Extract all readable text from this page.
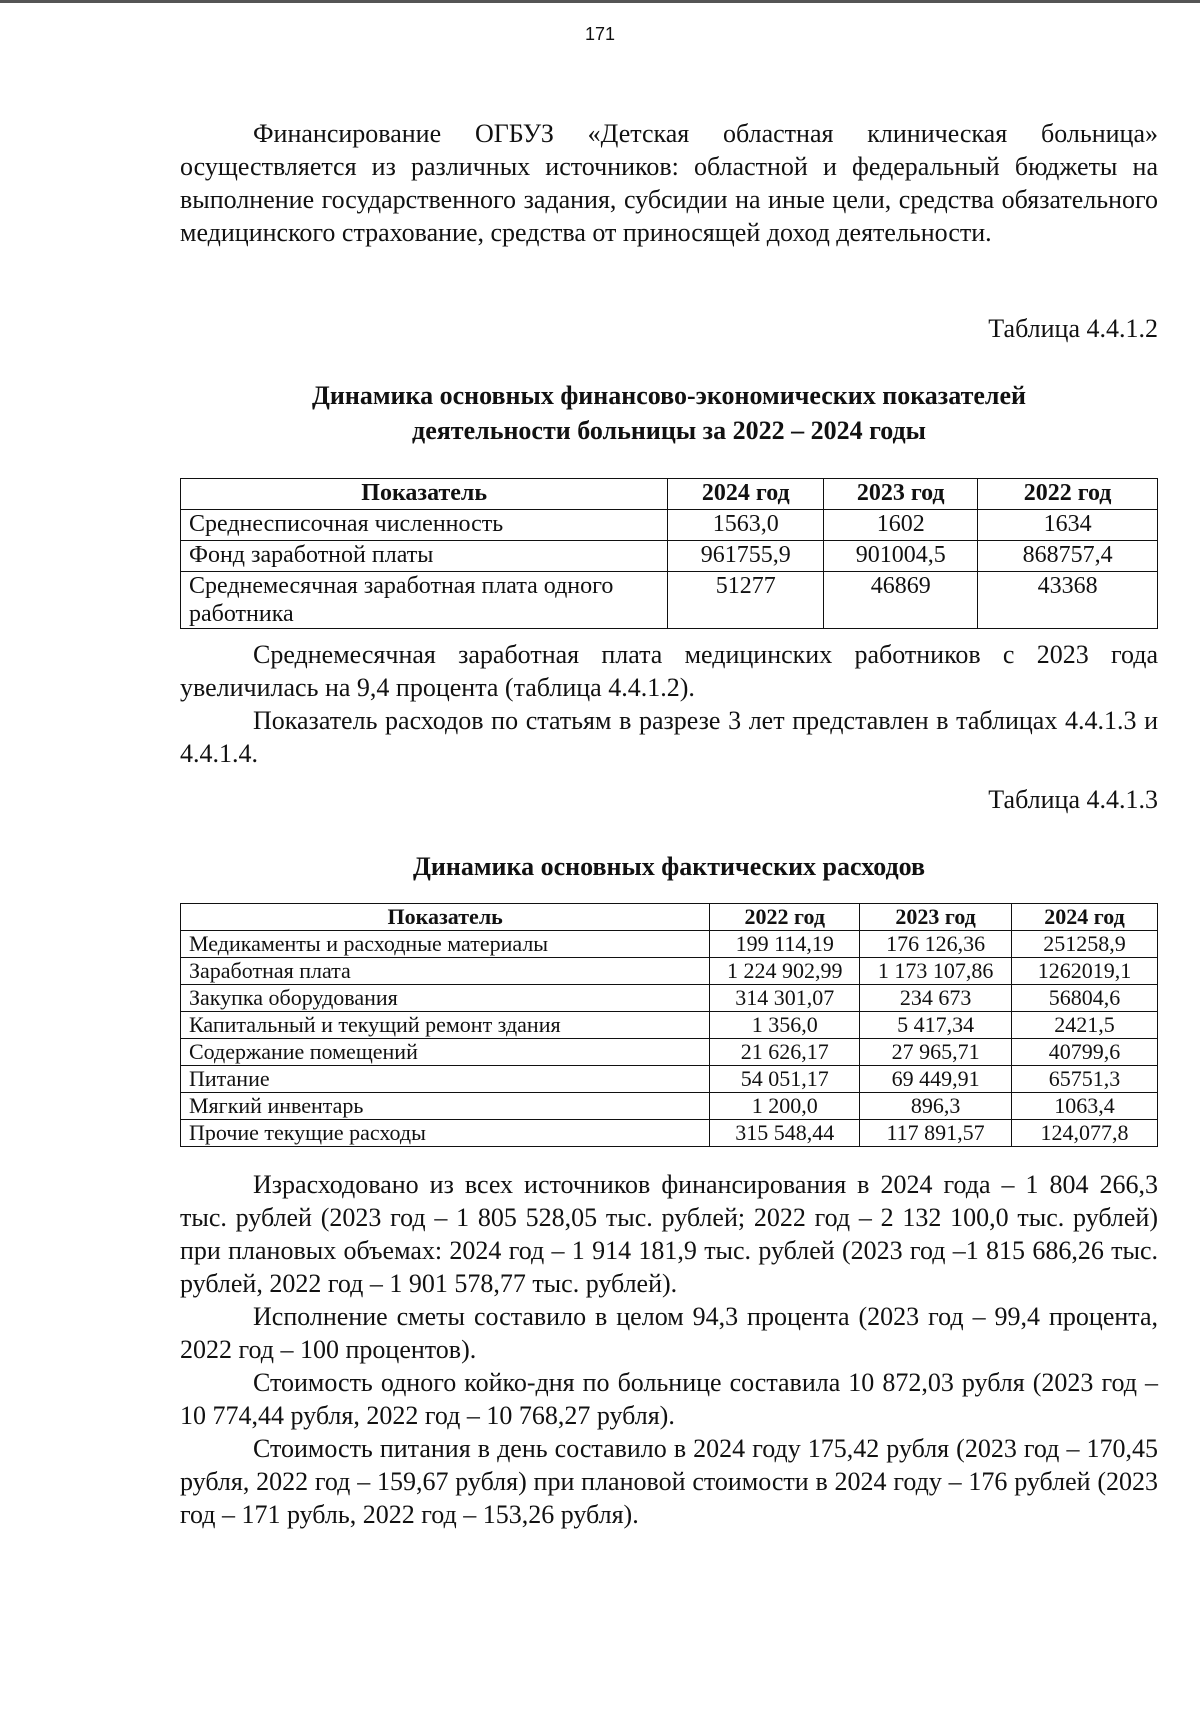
171

Финансирование ОГБУЗ «Детская областная клиническая больница» осуществляется из различных источников: областной и федеральный бюджеты на выполнение государственного задания, субсидии на иные цели, средства обязательного медицинского страхование, средства от приносящей доход деятельности.

Таблица 4.4.1.2
Динамика основных финансово-экономических показателей
деятельности больницы за 2022 – 2024 годы
Показатель	2024 год	2023 год	2022 год
Среднесписочная численность	1563,0	1602	1634
Фонд заработной платы	961755,9	901004,5	868757,4
Среднемесячная заработная плата одного работника	51277	46869	43368

Среднемесячная заработная плата медицинских работников с 2023 года увеличилась на 9,4 процента (таблица 4.4.1.2).

Показатель расходов по статьям в разрезе 3 лет представлен в таблицах 4.4.1.3 и 4.4.1.4.

Таблица 4.4.1.3
Динамика основных фактических расходов
Показатель	2022 год	2023 год	2024 год
Медикаменты и расходные материалы	199 114,19	176 126,36	251258,9
Заработная плата	1 224 902,99	1 173 107,86	1262019,1
Закупка оборудования	314 301,07	234 673	56804,6
Капитальный и текущий ремонт здания	1 356,0	5 417,34	2421,5
Содержание помещений	21 626,17	27 965,71	40799,6
Питание	54 051,17	69 449,91	65751,3
Мягкий инвентарь	1 200,0	896,3	1063,4
Прочие текущие расходы	315 548,44	117 891,57	124,077,8

Израсходовано из всех источников финансирования в 2024 года – 1 804 266,3 тыс. рублей (2023 год – 1 805 528,05 тыс. рублей; 2022 год – 2 132 100,0 тыс. рублей) при плановых объемах: 2024 год – 1 914 181,9 тыс. рублей (2023 год –1 815 686,26 тыс. рублей, 2022 год – 1 901 578,77 тыс. рублей).

Исполнение сметы составило в целом 94,3 процента (2023 год – 99,4 процента, 2022 год – 100 процентов).

Стоимость одного койко-дня по больнице составила 10 872,03 рубля (2023 год – 10 774,44 рубля, 2022 год – 10 768,27 рубля).

Стоимость питания в день составило в 2024 году 175,42 рубля (2023 год – 170,45 рубля, 2022 год – 159,67 рубля) при плановой стоимости в 2024 году – 176 рублей (2023 год – 171 рубль, 2022 год – 153,26 рубля).
